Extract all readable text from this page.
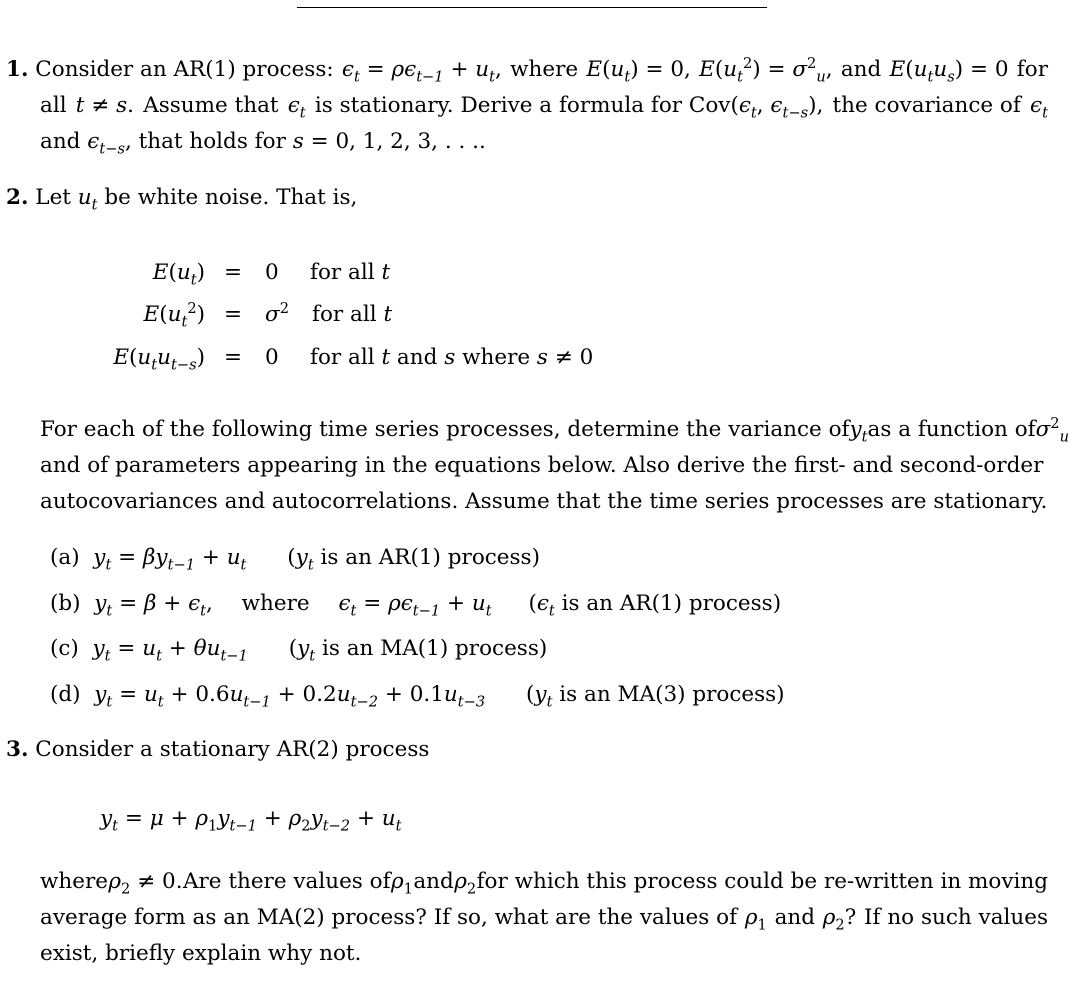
1. Consider an AR(1) process: $\epsilon_t = \rho\epsilon_{t-1} + u_t$, where $E(u_t) = 0$, $E(u_t^2) = \sigma^2_u$, and $E(u_tu_s) = 0$ for
all t ≠ s. Assume that $\epsilon_t$ is stationary. Derive a formula for $Cov(\epsilon_t$, $\epsilon_{t-s}$), the covariance of $\epsilon_t$
and $\epsilon_{t-s}$, that holds for s = 0, 1, 2, 3, . . ..
2. Let $u_t$ be white noise. That is,
$E(u_t) = 0$ for all t
$E(u_t^2) = \sigma^2$ for all t
$E(u_tu_{t-s}) = 0$ for all t and s where s ≠ 0
For each of the following time series processes, determine the variance of $y_t$ as a function of $\sigma^2_u$
and of parameters appearing in the equations below. Also derive the first- and second-order
autocovariances and autocorrelations. Assume that the time series processes are stationary.
(a) $y_t = \beta y_{t-1} + u_t$ ($y_t$ is an AR(1) process)
(b) $y_t = \beta + \epsilon_t$, where $\epsilon_t = \rho\epsilon_{t-1} + u_t$ ($\epsilon_t$ is an AR(1) process)
(c) $y_t = u_t + \theta u_{t-1}$ ($y_t$ is an MA(1) process)
(d) $y_t = u_t + 0.6u_{t-1} + 0.2u_{t-2} + 0.1u_{t-3}$ ($y_t$ is an MA(3) process)
3. Consider a stationary AR(2) process
$y_t = \mu + \rho_1y_{t-1} + \rho_2y_{t-2} + u_t$
where $\rho_2 \ne 0$. Are there values of $\rho_1$ and $\rho_2$ for which this process could be re-written in moving
average form as an MA(2) process? If so, what are the values of $\rho_1$ and $\rho_2$? If no such values
exist, briefly explain why not.
